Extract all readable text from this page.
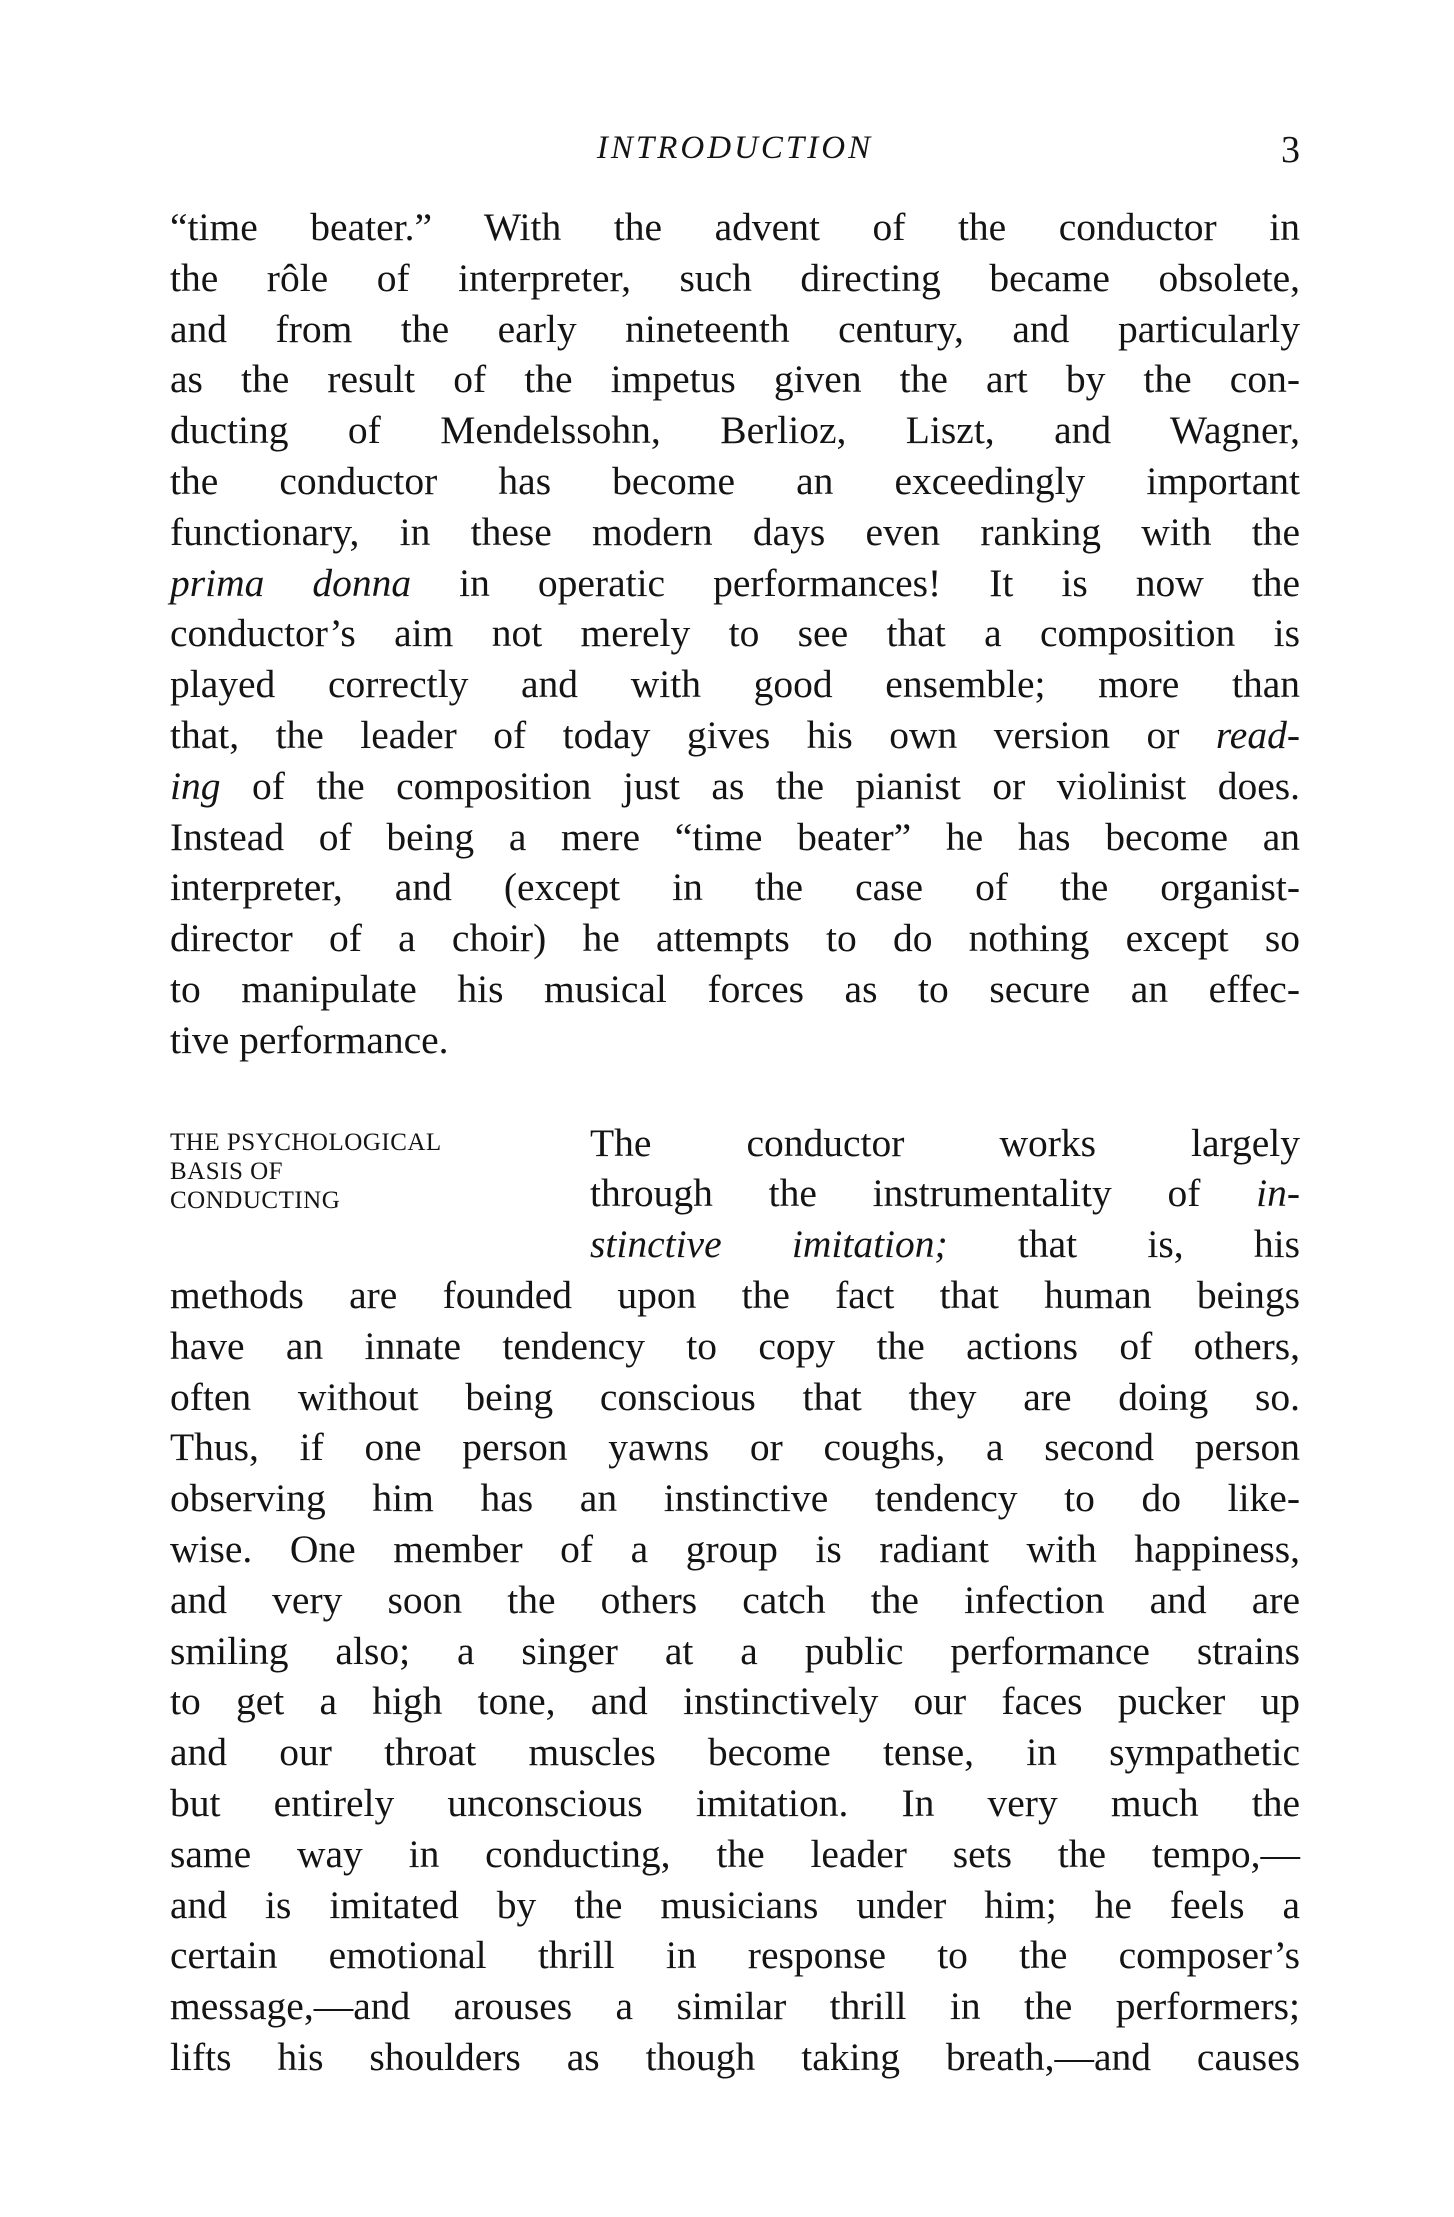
INTRODUCTION	3
“time beater.” With the advent of the conductor in
the rôle of interpreter, such directing became obsolete,
and from the early nineteenth century, and particularly
as the result of the impetus given the art by the con-
ducting of Mendelssohn, Berlioz, Liszt, and Wagner,
the conductor has become an exceedingly important
functionary, in these modern days even ranking with the
prima donna in operatic performances! It is now the
conductor’s aim not merely to see that a composition is
played correctly and with good ensemble; more than
that, the leader of today gives his own version or read-
ing of the composition just as the pianist or violinist does.
Instead of being a mere “time beater” he has become an
interpreter, and (except in the case of the organist-
director of a choir) he attempts to do nothing except so
to manipulate his musical forces as to secure an effec-
tive performance.
THE PSYCHOLOGICAL
BASIS OF
CONDUCTING
The conductor works largely
through the instrumentality of in-
stinctive imitation; that is, his
methods are founded upon the fact that human beings
have an innate tendency to copy the actions of others,
often without being conscious that they are doing so.
Thus, if one person yawns or coughs, a second person
observing him has an instinctive tendency to do like-
wise. One member of a group is radiant with happiness,
and very soon the others catch the infection and are
smiling also; a singer at a public performance strains
to get a high tone, and instinctively our faces pucker up
and our throat muscles become tense, in sympathetic
but entirely unconscious imitation. In very much the
same way in conducting, the leader sets the tempo,—
and is imitated by the musicians under him; he feels a
certain emotional thrill in response to the composer’s
message,—and arouses a similar thrill in the performers;
lifts his shoulders as though taking breath,—and causes
